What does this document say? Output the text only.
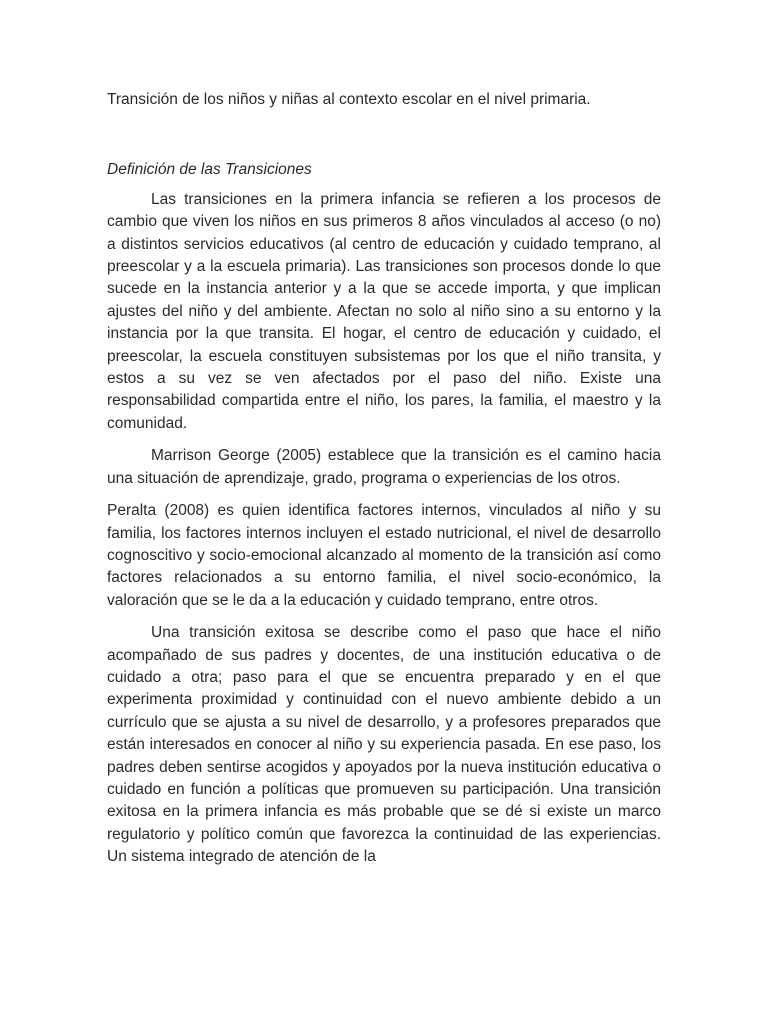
Transición de los niños y niñas al contexto escolar en el nivel primaria.

Definición de las Transiciones

Las transiciones en la primera infancia se refieren a los procesos de cambio que viven los niños en sus primeros 8 años vinculados al acceso (o no) a distintos servicios educativos (al centro de educación y cuidado temprano, al preescolar y a la escuela primaria). Las transiciones son procesos donde lo que sucede en la instancia anterior y a la que se accede importa, y que implican ajustes del niño y del ambiente. Afectan no solo al niño sino a su entorno y la instancia por la que transita. El hogar, el centro de educación y cuidado, el preescolar, la escuela constituyen subsistemas por los que el niño transita, y estos a su vez se ven afectados por el paso del niño. Existe una responsabilidad compartida entre el niño, los pares, la familia, el maestro y la comunidad.

Marrison George (2005) establece que la transición es el camino hacia una situación de aprendizaje, grado, programa o experiencias de los otros.

Peralta (2008) es quien identifica factores internos, vinculados al niño y su familia, los factores internos incluyen el estado nutricional, el nivel de desarrollo cognoscitivo y socio-emocional alcanzado al momento de la transición así como factores relacionados a su entorno familia, el nivel socio-económico, la valoración que se le da a la educación y cuidado temprano, entre otros.

Una transición exitosa se describe como el paso que hace el niño acompañado de sus padres y docentes, de una institución educativa o de cuidado a otra; paso para el que se encuentra preparado y en el que experimenta proximidad y continuidad con el nuevo ambiente debido a un currículo que se ajusta a su nivel de desarrollo, y a profesores preparados que están interesados en conocer al niño y su experiencia pasada. En ese paso, los padres deben sentirse acogidos y apoyados por la nueva institución educativa o cuidado en función a políticas que promueven su participación. Una transición exitosa en la primera infancia es más probable que se dé si existe un marco regulatorio y político común que favorezca la continuidad de las experiencias. Un sistema integrado de atención de la
